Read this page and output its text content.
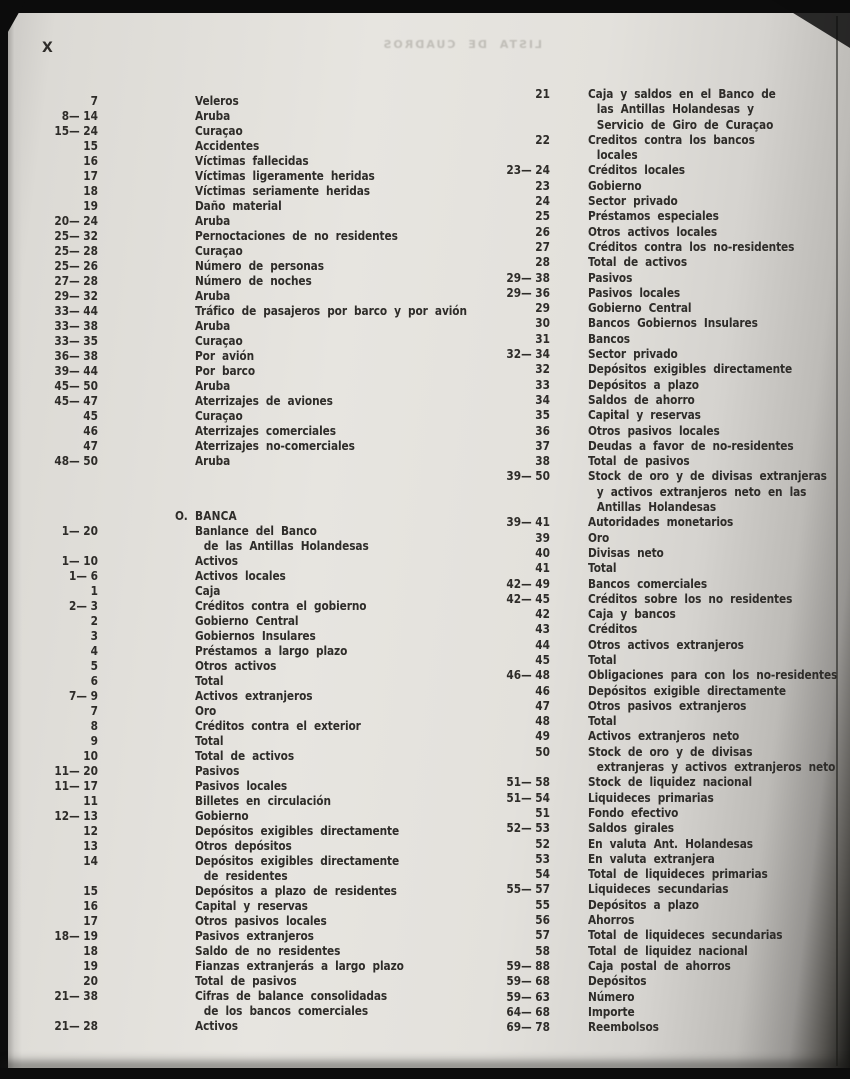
LISTA DE CUADROS
X
7	Veleros
8— 14	Aruba
15— 24	Curaçao
15	Accidentes
16	Víctimas fallecidas
17	Víctimas ligeramente heridas
18	Víctimas seriamente heridas
19	Daño material
20— 24	Aruba
25— 32	Pernoctaciones de no residentes
25— 28	Curaçao
25— 26	Número de personas
27— 28	Número de noches
29— 32	Aruba
33— 44	Tráfico de pasajeros por barco y por avión
33— 38	Aruba
33— 35	Curaçao
36— 38	Por avión
39— 44	Por barco
45— 50	Aruba
45— 47	Aterrizajes de aviones
45	Curaçao
46	Aterrizajes comerciales
47	Aterrizajes no-comerciales
48— 50	Aruba
O. BANCA
1— 20	Banlance del Banco
de las Antillas Holandesas
1— 10	Activos
1— 6	Activos locales
1	Caja
2— 3	Créditos contra el gobierno
2	Gobierno Central
3	Gobiernos Insulares
4	Préstamos a largo plazo
5	Otros activos
6	Total
7— 9	Activos extranjeros
7	Oro
8	Créditos contra el exterior
9	Total
10	Total de activos
11— 20	Pasivos
11— 17	Pasivos locales
11	Billetes en circulación
12— 13	Gobierno
12	Depósitos exigibles directamente
13	Otros depósitos
14	Depósitos exigibles directamente
de residentes
15	Depósitos a plazo de residentes
16	Capital y reservas
17	Otros pasivos locales
18— 19	Pasivos extranjeros
18	Saldo de no residentes
19	Fianzas extranjerás a largo plazo
20	Total de pasivos
21— 38	Cifras de balance consolidadas
de los bancos comerciales
21— 28	Activos
21	Caja y saldos en el Banco de
las Antillas Holandesas y
Servicio de Giro de Curaçao
22	Creditos contra los bancos
locales
23— 24	Créditos locales
23	Gobierno
24	Sector privado
25	Préstamos especiales
26	Otros activos locales
27	Créditos contra los no-residentes
28	Total de activos
29— 38	Pasivos
29— 36	Pasivos locales
29	Gobierno Central
30	Bancos Gobiernos Insulares
31	Bancos
32— 34	Sector privado
32	Depósitos exigibles directamente
33	Depósitos a plazo
34	Saldos de ahorro
35	Capital y reservas
36	Otros pasivos locales
37	Deudas a favor de no-residentes
38	Total de pasivos
39— 50	Stock de oro y de divisas extranjeras
y activos extranjeros neto en las
Antillas Holandesas
39— 41	Autoridades monetarios
39	Oro
40	Divisas neto
41	Total
42— 49	Bancos comerciales
42— 45	Créditos sobre los no residentes
42	Caja y bancos
43	Créditos
44	Otros activos extranjeros
45	Total
46— 48	Obligaciones para con los no-residentes
46	Depósitos exigible directamente
47	Otros pasivos extranjeros
48	Total
49	Activos extranjeros neto
50	Stock de oro y de divisas
extranjeras y activos extranjeros neto
51— 58	Stock de liquidez nacional
51— 54	Liquideces primarias
51	Fondo efectivo
52— 53	Saldos girales
52	En valuta Ant. Holandesas
53	En valuta extranjera
54	Total de liquideces primarias
55— 57	Liquideces secundarias
55	Depósitos a plazo
56	Ahorros
57	Total de liquideces secundarias
58	Total de liquidez nacional
59— 88	Caja postal de ahorros
59— 68	Depósitos
59— 63	Número
64— 68	Importe
69— 78	Reembolsos
